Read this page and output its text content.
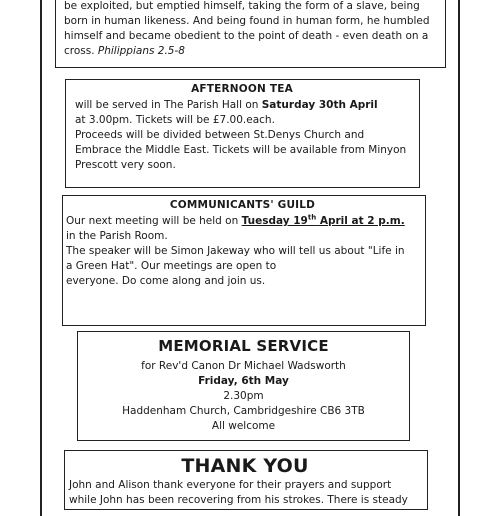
be exploited, but emptied himself, taking the form of a slave, being
born in human likeness. And being found in human form, he humbled
himself and became obedient to the point of death - even death on a
cross. Philippians 2.5-8
AFTERNOON TEA
will be served in The Parish Hall on Saturday 30th April
at 3.00pm. Tickets will be £7.00.each.
Proceeds will be divided between St.Denys Church and
Embrace the Middle East. Tickets will be available from Minyon
Prescott very soon.
COMMUNICANTS' GUILD
Our next meeting will be held on Tuesday 19th April at 2 p.m.
in the Parish Room.
The speaker will be Simon Jakeway who will tell us about "Life in
a Green Hat". Our meetings are open to
everyone. Do come along and join us.
MEMORIAL SERVICE
for Rev'd Canon Dr Michael Wadsworth
Friday, 6th May
2.30pm
Haddenham Church, Cambridgeshire CB6 3TB
All welcome
THANK YOU
John and Alison thank everyone for their prayers and support
while John has been recovering from his strokes. There is steady
